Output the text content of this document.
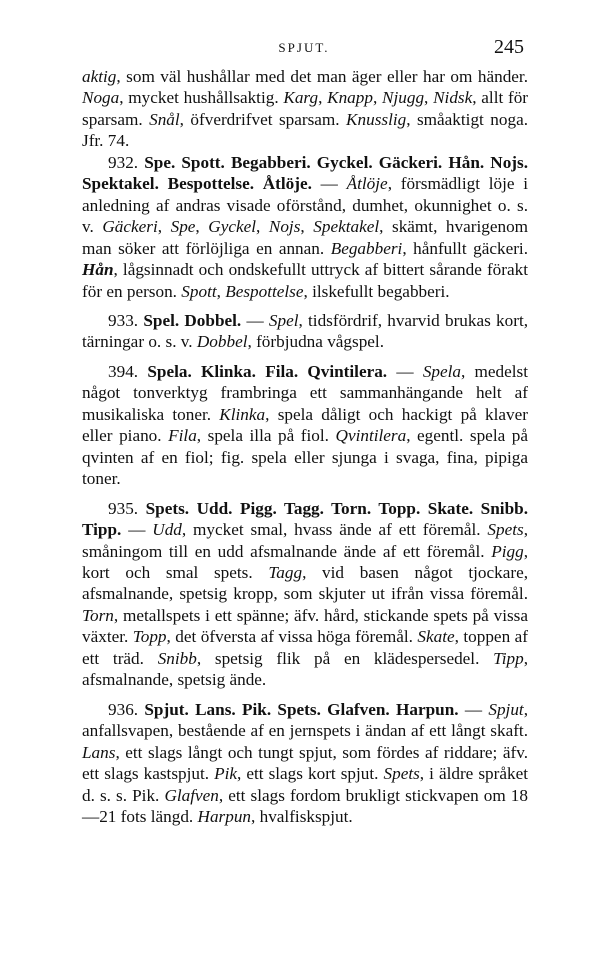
SPJUT.	245

aktig, som väl hushållar med det man äger eller har om händer. Noga, mycket hushållsaktig. Karg, Knapp, Njugg, Nidsk, allt för sparsam. Snål, öfverdrifvet sparsam. Knusslig, småaktigt noga. Jfr. 74.

932. Spe. Spott. Begabberi. Gyckel. Gäckeri. Hån. Nojs. Spektakel. Bespottelse. Åtlöje. — Åtlöje, försmädligt löje i anledning af andras visade oförstånd, dumhet, okunnighet o. s. v. Gäckeri, Spe, Gyckel, Nojs, Spektakel, skämt, hvarigenom man söker att förlöjliga en annan. Begabberi, hånfullt gäckeri. Hån, lågsinnadt och ondskefullt uttryck af bittert sårande förakt för en person. Spott, Bespottelse, ilskefullt begabberi.

933. Spel. Dobbel. — Spel, tidsfördrif, hvarvid brukas kort, tärningar o. s. v. Dobbel, förbjudna vågspel.

394. Spela. Klinka. Fila. Qvintilera. — Spela, medelst något tonverktyg frambringa ett sammanhängande helt af musikaliska toner. Klinka, spela dåligt och hackigt på klaver eller piano. Fila, spela illa på fiol. Qvintilera, egentl. spela på qvinten af en fiol; fig. spela eller sjunga i svaga, fina, pipiga toner.

935. Spets. Udd. Pigg. Tagg. Torn. Topp. Skate. Snibb. Tipp. — Udd, mycket smal, hvass ände af ett föremål. Spets, småningom till en udd afsmalnande ände af ett föremål. Pigg, kort och smal spets. Tagg, vid basen något tjockare, afsmalnande, spetsig kropp, som skjuter ut ifrån vissa föremål. Torn, metallspets i ett spänne; äfv. hård, stickande spets på vissa växter. Topp, det öfversta af vissa höga föremål. Skate, toppen af ett träd. Snibb, spetsig flik på en klädespersedel. Tipp, afsmalnande, spetsig ände.

936. Spjut. Lans. Pik. Spets. Glafven. Harpun. — Spjut, anfallsvapen, bestående af en jernspets i ändan af ett långt skaft. Lans, ett slags långt och tungt spjut, som fördes af riddare; äfv. ett slags kastspjut. Pik, ett slags kort spjut. Spets, i äldre språket d. s. s. Pik. Glafven, ett slags fordom brukligt stickvapen om 18—21 fots längd. Harpun, hvalfiskspjut.
